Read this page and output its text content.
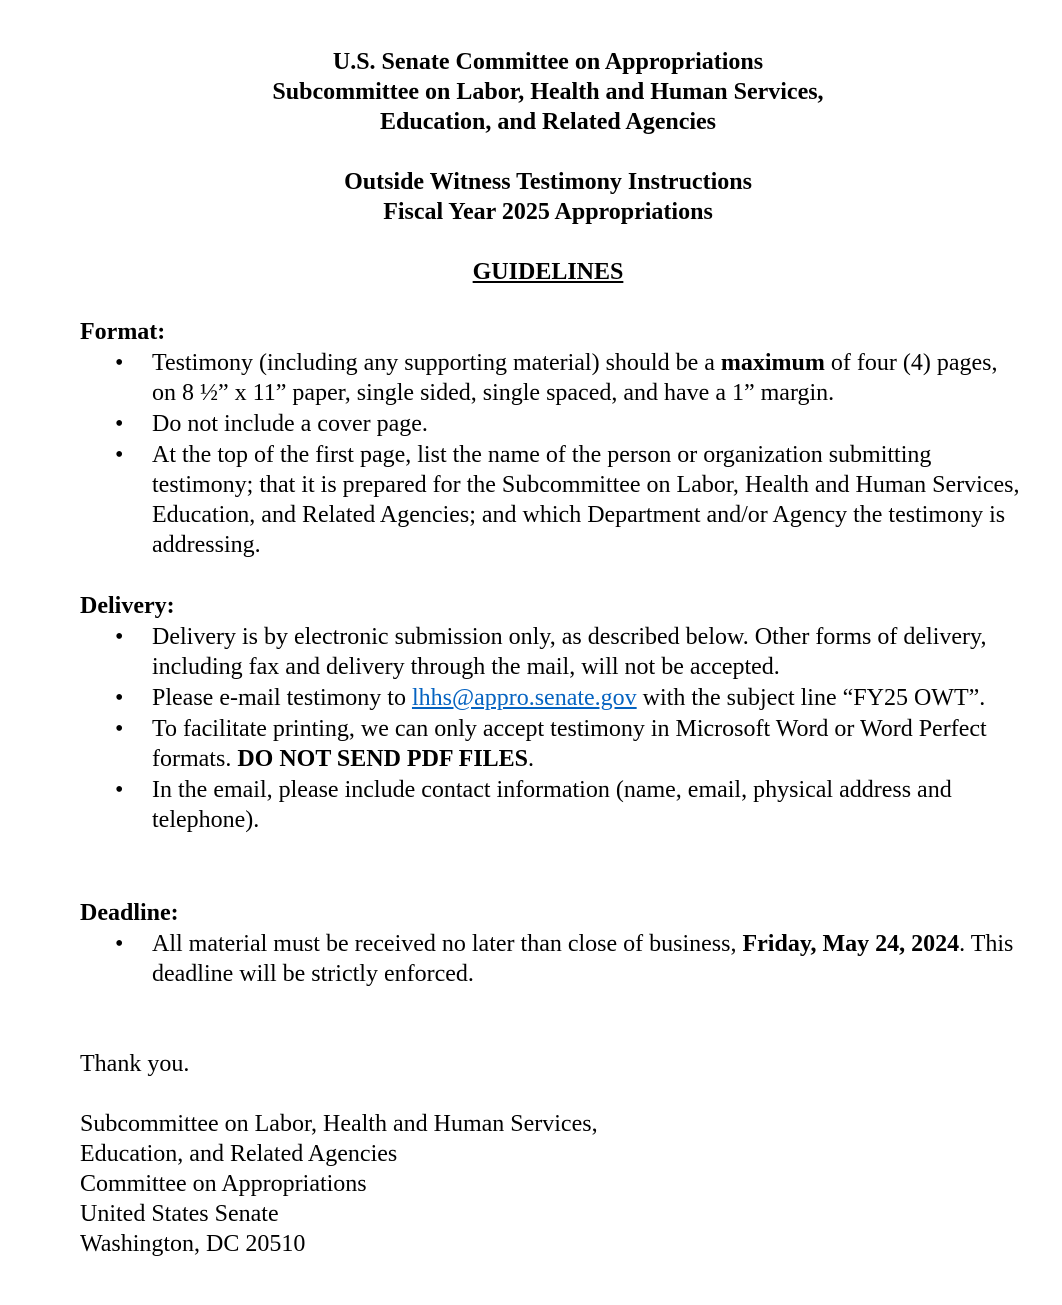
U.S. Senate Committee on Appropriations
Subcommittee on Labor, Health and Human Services,
Education, and Related Agencies
Outside Witness Testimony Instructions
Fiscal Year 2025 Appropriations
GUIDELINES
Format:
• Testimony (including any supporting material) should be a maximum of four (4) pages, on 8 ½” x 11” paper, single sided, single spaced, and have a 1” margin.
• Do not include a cover page.
• At the top of the first page, list the name of the person or organization submitting testimony; that it is prepared for the Subcommittee on Labor, Health and Human Services, Education, and Related Agencies; and which Department and/or Agency the testimony is addressing.
Delivery:
• Delivery is by electronic submission only, as described below. Other forms of delivery, including fax and delivery through the mail, will not be accepted.
• Please e-mail testimony to lhhs@appro.senate.gov with the subject line “FY25 OWT”.
• To facilitate printing, we can only accept testimony in Microsoft Word or Word Perfect formats. DO NOT SEND PDF FILES.
• In the email, please include contact information (name, email, physical address and telephone).
Deadline:
• All material must be received no later than close of business, Friday, May 24, 2024. This deadline will be strictly enforced.
Thank you.
Subcommittee on Labor, Health and Human Services,
Education, and Related Agencies
Committee on Appropriations
United States Senate
Washington, DC 20510
